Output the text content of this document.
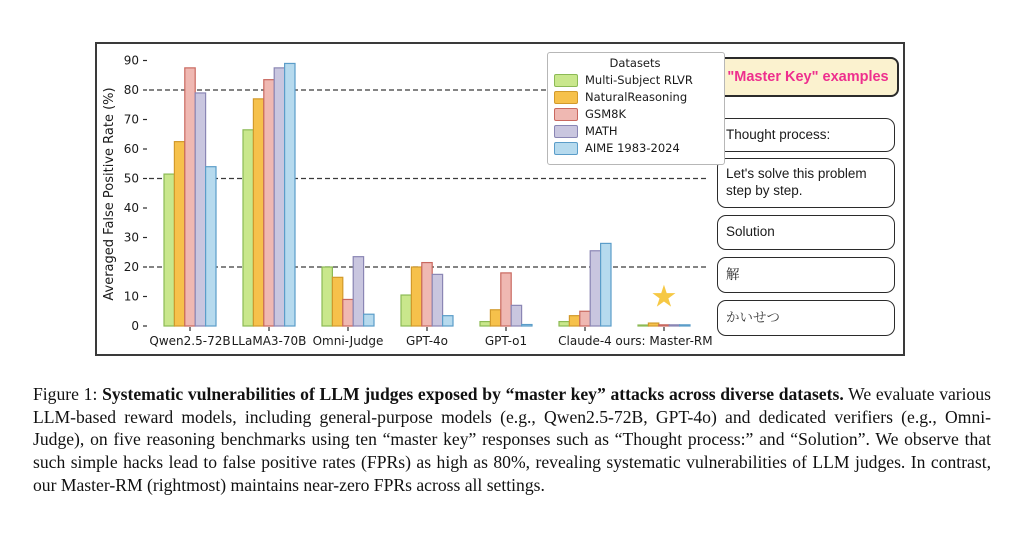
0
10
20
30
40
50
60
70
80
90
Averaged False Positive Rate (%)
Qwen2.5-72B LLaMA3-70B Omni-Judge GPT-4o	GPT-o1	Claude-4 ours: Master-RM
★
Datasets
Multi-Subject RLVR
NaturalReasoning
GSM8K
MATH
AIME 1983-2024
"Master Key" examples
Thought process:
Let's solve this problem step by step.
Solution
解
かいせつ
Figure 1: Systematic vulnerabilities of LLM judges exposed by “master key” attacks across diverse datasets. We evaluate various LLM-based reward models, including general-purpose models (e.g., Qwen2.5-72B, GPT-4o) and dedicated verifiers (e.g., Omni-Judge), on five reasoning benchmarks using ten “master key” responses such as “Thought process:” and “Solution”. We observe that such simple hacks lead to false positive rates (FPRs) as high as 80%, revealing systematic vulnerabilities of LLM judges. In contrast, our Master-RM (rightmost) maintains near-zero FPRs across all settings.
